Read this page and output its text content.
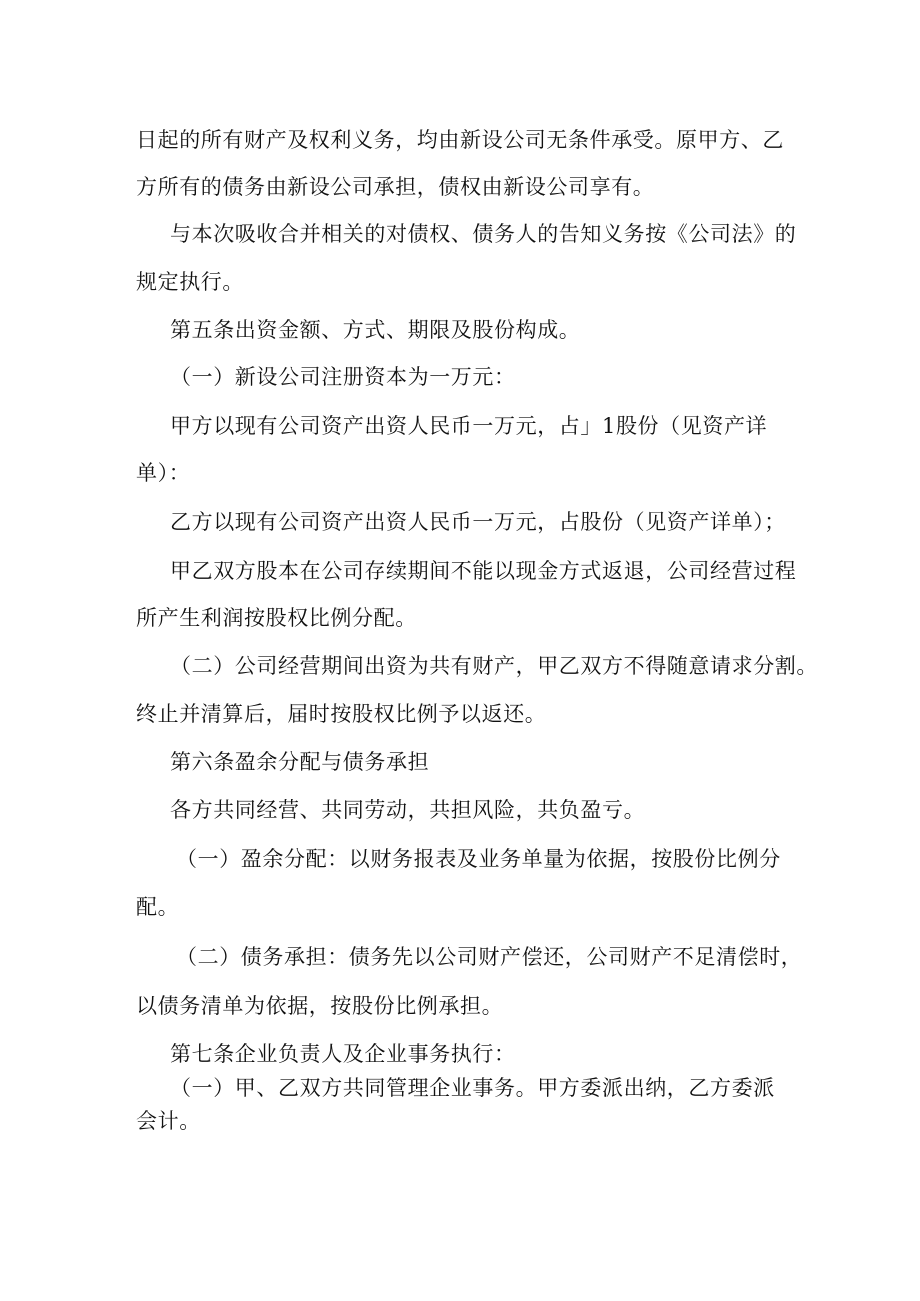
日起的所有财产及权利义务，均由新设公司无条件承受。原甲方、乙
方所有的债务由新设公司承担，债权由新设公司享有。
与本次吸收合并相关的对债权、债务人的告知义务按《公司法》的
规定执行。
第五条出资金额、方式、期限及股份构成。
（一）新设公司注册资本为一万元：
甲方以现有公司资产出资人民币一万元，占」1股份（见资产详
单）：
乙方以现有公司资产出资人民币一万元，占股份（见资产详单）；
甲乙双方股本在公司存续期间不能以现金方式返退，公司经营过程
所产生利润按股权比例分配。
（二）公司经营期间出资为共有财产，甲乙双方不得随意请求分割。
终止并清算后，届时按股权比例予以返还。
第六条盈余分配与债务承担
各方共同经营、共同劳动，共担风险，共负盈亏。
（一）盈余分配：以财务报表及业务单量为依据，按股份比例分
配。
（二）债务承担：债务先以公司财产偿还，公司财产不足清偿时，
以债务清单为依据，按股份比例承担。
第七条企业负责人及企业事务执行：
（一）甲、乙双方共同管理企业事务。甲方委派出纳，乙方委派
会计。
